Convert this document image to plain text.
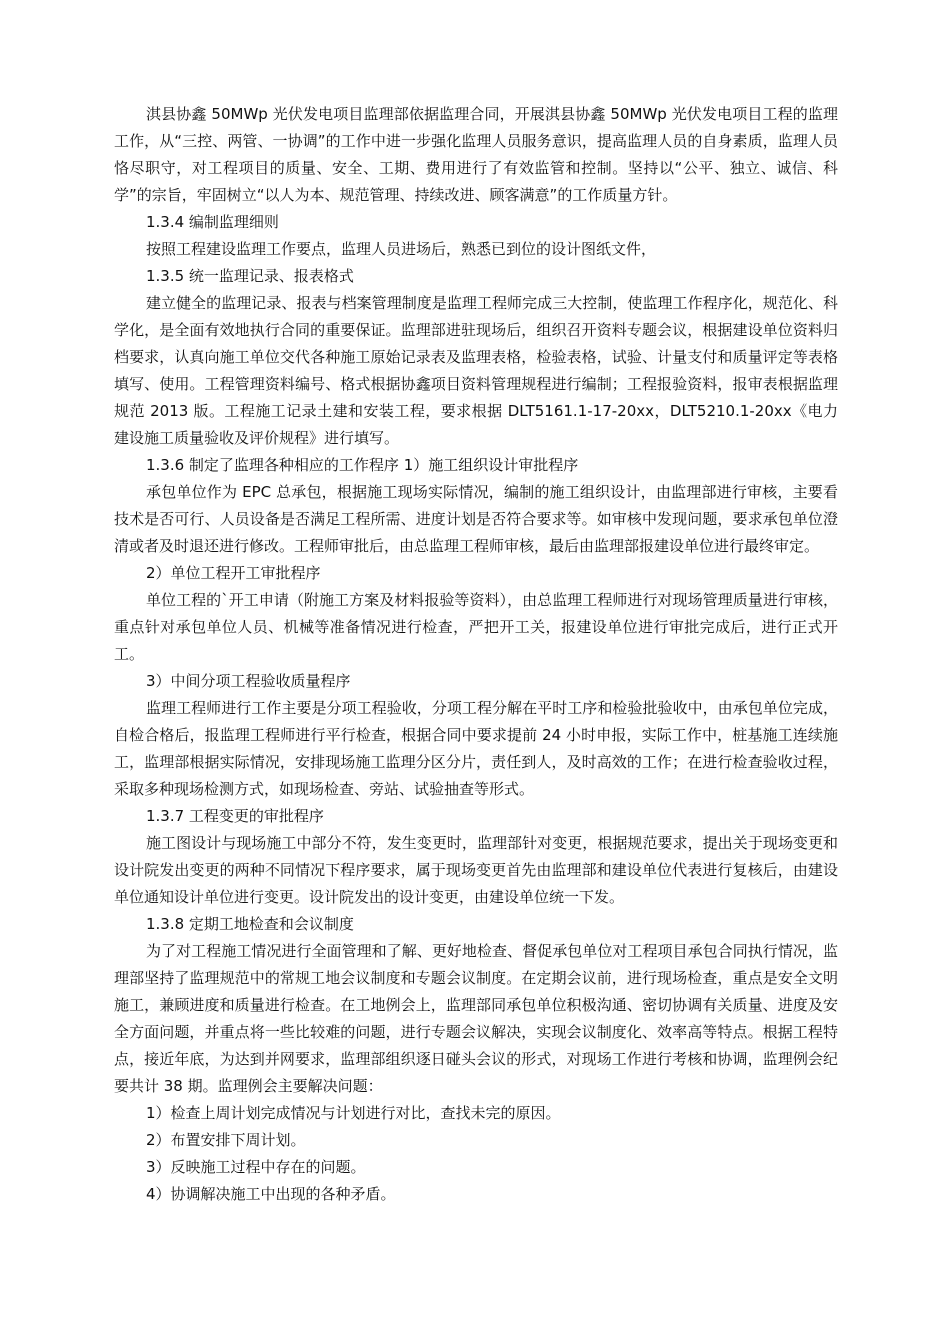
淇县协鑫 50MWp 光伏发电项目监理部依据监理合同，开展淇县协鑫 50MWp 光伏发电项目工程的监理工作，从“三控、两管、一协调”的工作中进一步强化监理人员服务意识，提高监理人员的自身素质，监理人员恪尽职守，对工程项目的质量、安全、工期、费用进行了有效监管和控制。坚持以“公平、独立、诚信、科学”的宗旨，牢固树立“以人为本、规范管理、持续改进、顾客满意”的工作质量方针。

1.3.4 编制监理细则

按照工程建设监理工作要点，监理人员进场后，熟悉已到位的设计图纸文件，

1.3.5 统一监理记录、报表格式

建立健全的监理记录、报表与档案管理制度是监理工程师完成三大控制，使监理工作程序化，规范化、科学化，是全面有效地执行合同的重要保证。监理部进驻现场后，组织召开资料专题会议，根据建设单位资料归档要求，认真向施工单位交代各种施工原始记录表及监理表格，检验表格，试验、计量支付和质量评定等表格填写、使用。工程管理资料编号、格式根据协鑫项目资料管理规程进行编制；工程报验资料，报审表根据监理规范 2013 版。工程施工记录土建和安装工程，要求根据 DLT5161.1-17-20xx，DLT5210.1-20xx《电力建设施工质量验收及评价规程》进行填写。

1.3.6 制定了监理各种相应的工作程序 1）施工组织设计审批程序

承包单位作为 EPC 总承包，根据施工现场实际情况，编制的施工组织设计，由监理部进行审核，主要看技术是否可行、人员设备是否满足工程所需、进度计划是否符合要求等。如审核中发现问题，要求承包单位澄清或者及时退还进行修改。工程师审批后，由总监理工程师审核，最后由监理部报建设单位进行最终审定。

2）单位工程开工审批程序

单位工程的`开工申请（附施工方案及材料报验等资料），由总监理工程师进行对现场管理质量进行审核，重点针对承包单位人员、机械等准备情况进行检查，严把开工关，报建设单位进行审批完成后，进行正式开工。

3）中间分项工程验收质量程序

监理工程师进行工作主要是分项工程验收，分项工程分解在平时工序和检验批验收中，由承包单位完成，自检合格后，报监理工程师进行平行检查，根据合同中要求提前 24 小时申报，实际工作中，桩基施工连续施工，监理部根据实际情况，安排现场施工监理分区分片，责任到人，及时高效的工作；在进行检查验收过程，采取多种现场检测方式，如现场检查、旁站、试验抽查等形式。

1.3.7 工程变更的审批程序

施工图设计与现场施工中部分不符，发生变更时，监理部针对变更，根据规范要求，提出关于现场变更和设计院发出变更的两种不同情况下程序要求，属于现场变更首先由监理部和建设单位代表进行复核后，由建设单位通知设计单位进行变更。设计院发出的设计变更，由建设单位统一下发。

1.3.8 定期工地检查和会议制度

为了对工程施工情况进行全面管理和了解、更好地检查、督促承包单位对工程项目承包合同执行情况，监理部坚持了监理规范中的常规工地会议制度和专题会议制度。在定期会议前，进行现场检查，重点是安全文明施工，兼顾进度和质量进行检查。在工地例会上，监理部同承包单位积极沟通、密切协调有关质量、进度及安全方面问题，并重点将一些比较难的问题，进行专题会议解决，实现会议制度化、效率高等特点。根据工程特点，接近年底，为达到并网要求，监理部组织逐日碰头会议的形式，对现场工作进行考核和协调，监理例会纪要共计 38 期。监理例会主要解决问题：

1）检查上周计划完成情况与计划进行对比，查找未完的原因。

2）布置安排下周计划。

3）反映施工过程中存在的问题。

4）协调解决施工中出现的各种矛盾。
